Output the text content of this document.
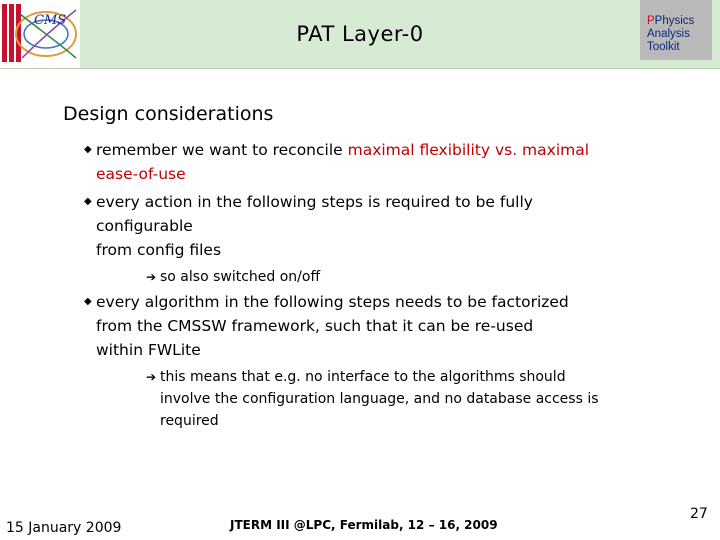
CMS
PAT Layer-0
PPhysics
Analysis
Toolkit
Design considerations
◆ remember we want to reconcile maximal flexibility vs. maximal
ease-of-use
◆ every action in the following steps is required to be fully
configurable
from config files
➔ so also switched on/off
◆ every algorithm in the following steps needs to be factorized
from the CMSSW framework, such that it can be re-used
within FWLite
➔ this means that e.g. no interface to the algorithms should
involve the configuration language, and no database access is
required
15 January 2009	JTERM III @LPC, Fermilab, 12 – 16, 2009
27
